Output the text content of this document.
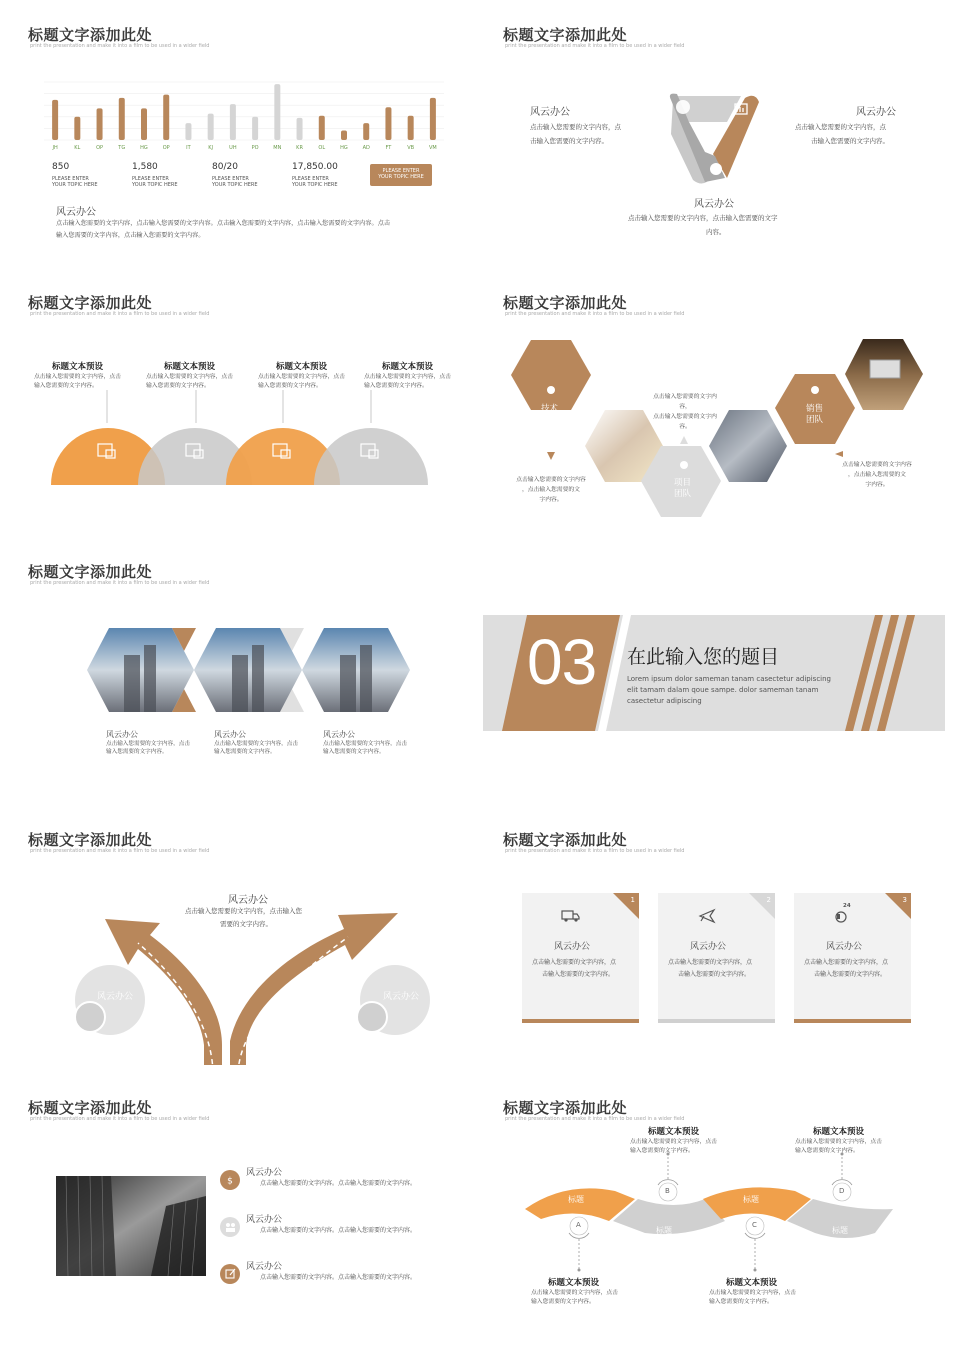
标题文字添加此处
print the presentation and make it into a film to be used in a wider field
JH	KL	OP	TG	HG	OP	IT	KJ	UH	PO	MN	KR	OL	HG	AD	FT	VB	VM
850
PLEASE ENTER
YOUR TOPIC HERE
1,580
PLEASE ENTER
YOUR TOPIC HERE
80/20
PLEASE ENTER
YOUR TOPIC HERE
17,850.00
PLEASE ENTER
YOUR TOPIC HERE
PLEASE ENTER
YOUR TOPIC HERE
风云办公
点击输入您需要的文字内容，点击输入您需要的文字内容。点击输入您需要的文字内容，点击输入您需要的文字内容。点击
输入您需要的文字内容，点击输入您需要的文字内容。
标题文字添加此处
print the presentation and make it into a film to be used in a wider field
风云办公
点击输入您需要的文字内容，点
击输入您需要的文字内容。
风云办公
点击输入您需要的文字内容，点
击输入您需要的文字内容。
风云办公
点击输入您需要的文字内容，点击输入您需要的文字
内容。
标题文字添加此处
print the presentation and make it into a film to be used in a wider field
标题文本预设
点击输入您需要的文字内容，点击
输入您需要的文字内容。
标题文本预设
点击输入您需要的文字内容，点击
输入您需要的文字内容。
标题文本预设
点击输入您需要的文字内容，点击
输入您需要的文字内容。
标题文本预设
点击输入您需要的文字内容，点击
输入您需要的文字内容。
标题文字添加此处
print the presentation and make it into a film to be used in a wider field
技术
团队
项目
团队
销售
团队
点击输入您需要的文字内容，
点击输入您需要的文字内
容。
点击输入您需要的文字内容
，点击输入您需要的文
字内容。
点击输入您需要的文字内容
，点击输入您需要的文
字内容。
标题文字添加此处
print the presentation and make it into a film to be used in a wider field
风云办公
点击输入您需要的文字内容，点击
输入您需要的文字内容。
风云办公
点击输入您需要的文字内容，点击
输入您需要的文字内容。
风云办公
点击输入您需要的文字内容，点击
输入您需要的文字内容。
03 在此输入您的题目
Lorem ipsum dolor sameman tanam casectetur adipiscing
elit tamam dalam qoue sampe. dolor sameman tanam
casectetur adipiscing
标题文字添加此处
print the presentation and make it into a film to be used in a wider field
风云办公
点击输入您需要的文字内容，点击输入您
需要的文字内容。
风云办公	风云办公
标题文字添加此处
print the presentation and make it into a film to be used in a wider field
1
风云办公
点击输入您需要的文字内容，点
击输入您需要的文字内容。
2
风云办公
点击输入您需要的文字内容，点
击输入您需要的文字内容。
3
24
风云办公
点击输入您需要的文字内容，点
击输入您需要的文字内容。
标题文字添加此处
print the presentation and make it into a film to be used in a wider field
$
风云办公
点击输入您需要的文字内容。点击输入您需要的文字内容。
风云办公
点击输入您需要的文字内容。点击输入您需要的文字内容。
风云办公
点击输入您需要的文字内容。点击输入您需要的文字内容。
标题文字添加此处
print the presentation and make it into a film to be used in a wider field
标题
标题
标题
标题
A
B
C
D
标题文本预设
点击输入您需要的文字内容，点击
输入您需要的文字内容。
标题文本预设
点击输入您需要的文字内容，点击
输入您需要的文字内容。
标题文本预设
点击输入您需要的文字内容，点击
输入您需要的文字内容。
标题文本预设
点击输入您需要的文字内容，点击
输入您需要的文字内容。
